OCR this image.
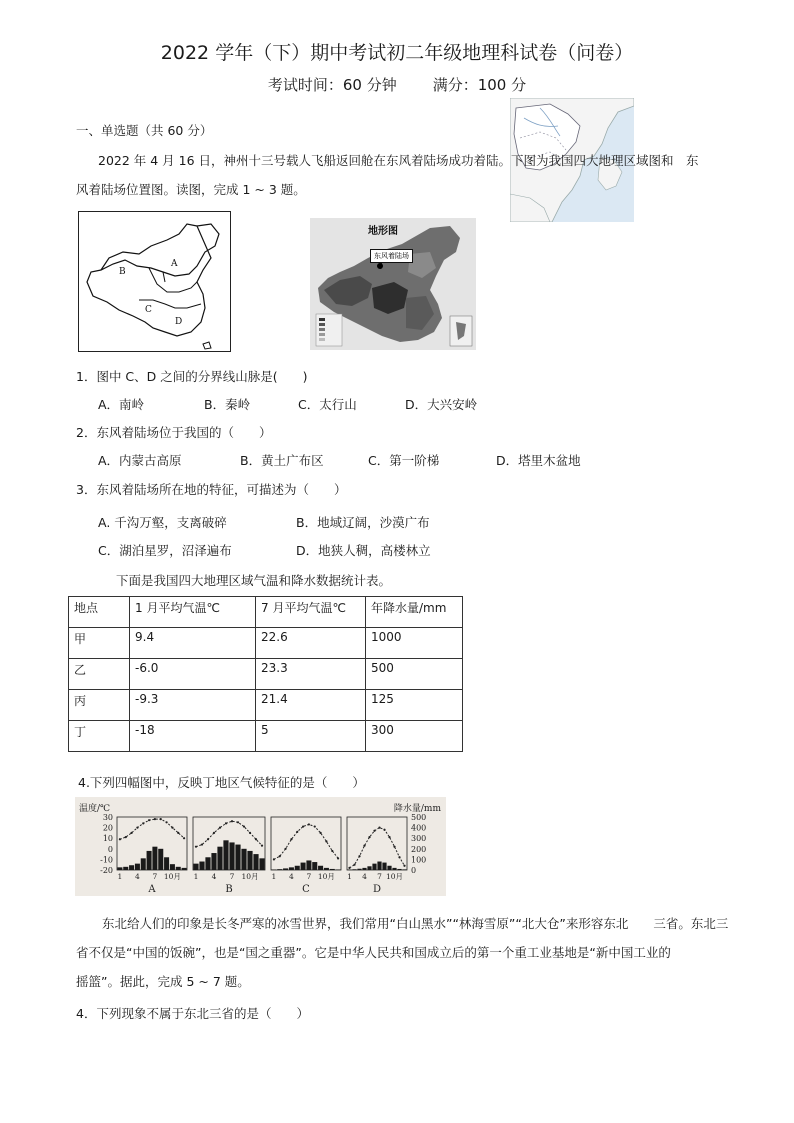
2022 学年（下）期中考试初二年级地理科试卷（问卷）
考试时间：60 分钟 满分：100 分
一、单选题（共 60 分）
2022 年 4 月 16 日，神州十三号载人飞船返回舱在东风着陆场成功着陆。下图为我国四大地理区域图和　东
风着陆场位置图。读图，完成 1 ~ 3 题。
B
A
C
D
地形图
东风着陆场
1．图中 C、D 之间的分界线山脉是(　　)
A．南岭	B．秦岭	C．太行山	D．大兴安岭
2．东风着陆场位于我国的（　　）
A．内蒙古高原	B．黄土广布区	C．第一阶梯	D．塔里木盆地
3．东风着陆场所在地的特征，可描述为（　　）
A. 千沟万壑，支离破碎	B．地域辽阔，沙漠广布
C．湖泊星罗，沼泽遍布	D．地狭人稠，高楼林立
下面是我国四大地理区域气温和降水数据统计表。
地点	1 月平均气温℃	7 月平均气温℃	年降水量/mm
甲	9.4	22.6	1000
乙	-6.0	23.3	500
丙	-9.3	21.4	125
丁	-18	5	300
4.下列四幅图中，反映丁地区气候特征的是（　　）
温度/℃	降水量/mm
30
20
10
0
-10
-20
500
400
300
200
100
0
1 4 7 10月
A
1 4 7 10月
B
1 4 7 10月
C
1 4 7 10月
D
东北给人们的印象是长冬严寒的冰雪世界，我们常用“白山黑水”“林海雪原”“北大仓”来形容东北　　三省。东北三
省不仅是“中国的饭碗”，也是“国之重器”。它是中华人民共和国成立后的第一个重工业基地是“新中国工业的
摇篮”。据此，完成 5 ~ 7 题。
4．下列现象不属于东北三省的是（　　）
